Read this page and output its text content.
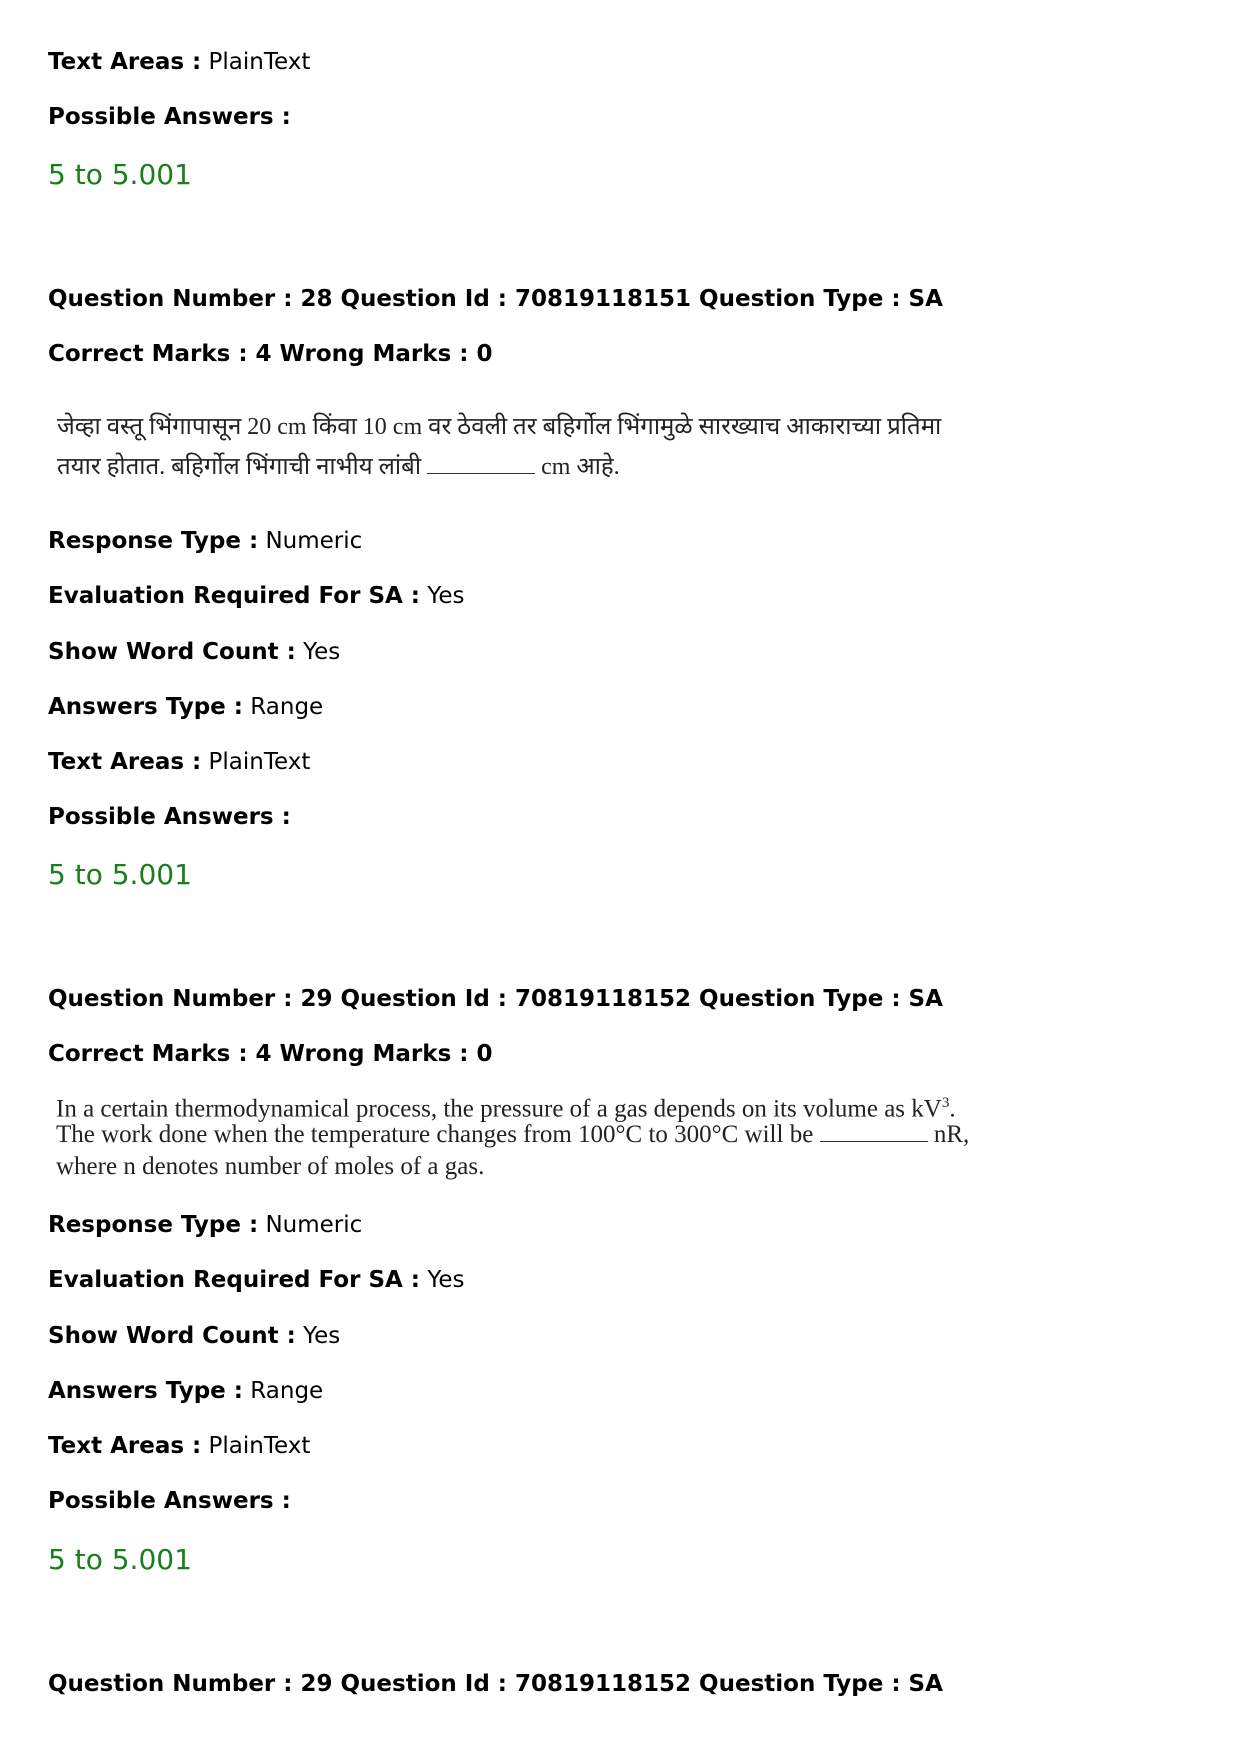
Text Areas : PlainText
Possible Answers :
5 to 5.001
Question Number : 28 Question Id : 70819118151 Question Type : SA
Correct Marks : 4 Wrong Marks : 0
जेव्हा वस्तू भिंगापासून 20 cm किंवा 10 cm वर ठेवली तर बहिर्गोल भिंगामुळे सारख्याच आकाराच्या प्रतिमा
तयार होतात. बहिर्गोल भिंगाची नाभीय लांबी	cm आहे.
Response Type : Numeric
Evaluation Required For SA : Yes
Show Word Count : Yes
Answers Type : Range
Text Areas : PlainText
Possible Answers :
5 to 5.001
Question Number : 29 Question Id : 70819118152 Question Type : SA
Correct Marks : 4 Wrong Marks : 0
In a certain thermodynamical process, the pressure of a gas depends on its volume as $kV^3$.
The work done when the temperature changes from 100°C to 300°C will be	nR,
where n denotes number of moles of a gas.
Response Type : Numeric
Evaluation Required For SA : Yes
Show Word Count : Yes
Answers Type : Range
Text Areas : PlainText
Possible Answers :
5 to 5.001
Question Number : 29 Question Id : 70819118152 Question Type : SA
